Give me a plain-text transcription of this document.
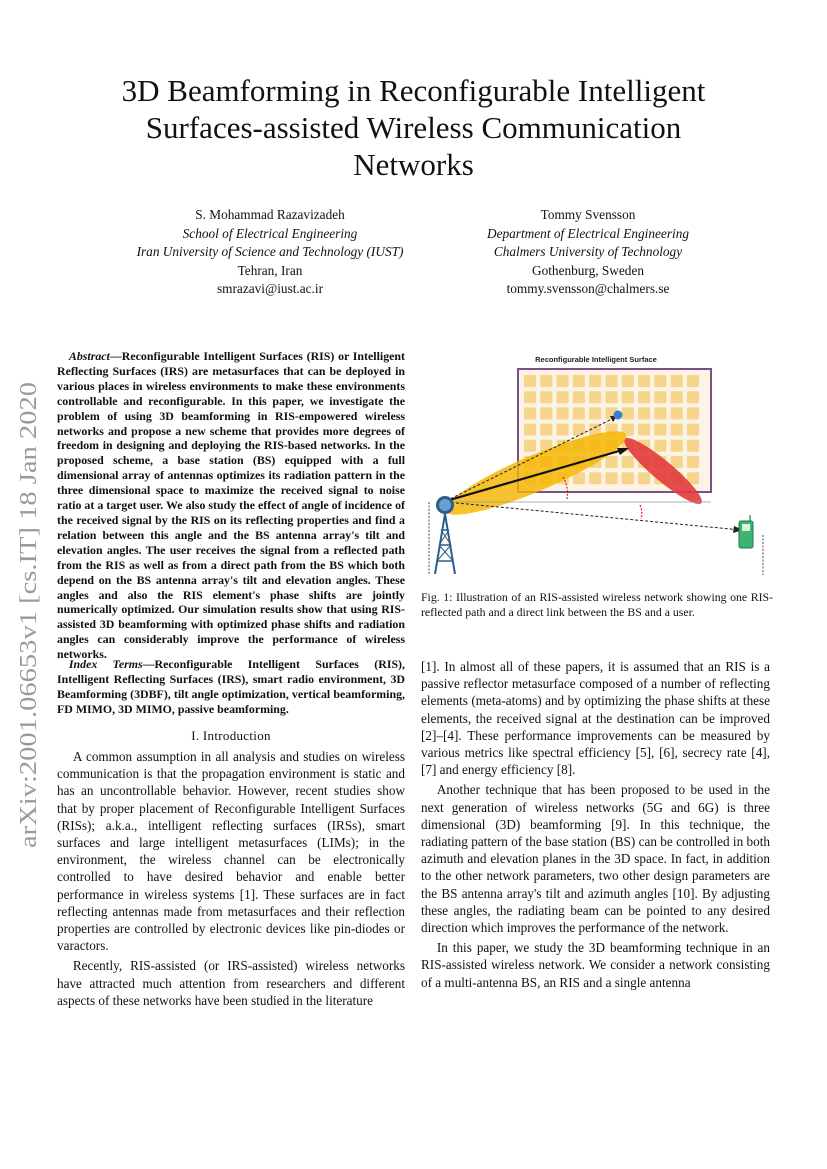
arXiv:2001.06653v1 [cs.IT] 18 Jan 2020
3D Beamforming in Reconfigurable Intelligent
Surfaces-assisted Wireless Communication
Networks
S. Mohammad Razavizadeh
School of Electrical Engineering
Iran University of Science and Technology (IUST)
Tehran, Iran
smrazavi@iust.ac.ir
Tommy Svensson
Department of Electrical Engineering
Chalmers University of Technology
Gothenburg, Sweden
tommy.svensson@chalmers.se
Abstract—Reconfigurable Intelligent Surfaces (RIS) or Intelligent Reflecting Surfaces (IRS) are metasurfaces that can be deployed in various places in wireless environments to make these environments controllable and reconfigurable. In this paper, we investigate the problem of using 3D beamforming in RIS-empowered wireless networks and propose a new scheme that provides more degrees of freedom in designing and deploying the RIS-based networks. In the proposed scheme, a base station (BS) equipped with a full dimensional array of antennas optimizes its radiation pattern in the three dimensional space to maximize the received signal to noise ratio at a target user. We also study the effect of angle of incidence of the received signal by the RIS on its reflecting properties and find a relation between this angle and the BS antenna array's tilt and elevation angles. The user receives the signal from a reflected path from the RIS as well as from a direct path from the BS which both depend on the BS antenna array's tilt and elevation angles. These angles and also the RIS element's phase shifts are jointly numerically optimized. Our simulation results show that using RIS-assisted 3D beamforming with optimized phase shifts and radiation angles can considerably improve the performance of wireless networks.
Index Terms—Reconfigurable Intelligent Surfaces (RIS), Intelligent Reflecting Surfaces (IRS), smart radio environment, 3D Beamforming (3DBF), tilt angle optimization, vertical beamforming, FD MIMO, 3D MIMO, passive beamforming.
I. Introduction

A common assumption in all analysis and studies on wireless communication is that the propagation environment is static and has an uncontrollable behavior. However, recent studies show that by proper placement of Reconfigurable Intelligent Surfaces (RISs); a.k.a., intelligent reflecting surfaces (IRSs), smart surfaces and large intelligent metasurfaces (LIMs); in the environment, the wireless channel can be electronically controlled to have desired behavior and enable better performance in wireless systems [1]. These surfaces are in fact reflecting antennas made from metasurfaces and their reflection properties are controlled by electronic devices like pin-diodes or varactors.

Recently, RIS-assisted (or IRS-assisted) wireless networks have attracted much attention from researchers and different aspects of these networks have been studied in the literature

Reconfigurable Intelligent Surface
Fig. 1: Illustration of an RIS-assisted wireless network showing one RIS-reflected path and a direct link between the BS and a user.

[1]. In almost all of these papers, it is assumed that an RIS is a passive reflector metasurface composed of a number of reflecting elements (meta-atoms) and by optimizing the phase shifts at these elements, the received signal at the destination can be improved [2]–[4]. These performance improvements can be measured by various metrics like spectral efficiency [5], [6], secrecy rate [4], [7] and energy efficiency [8].

Another technique that has been proposed to be used in the next generation of wireless networks (5G and 6G) is three dimensional (3D) beamforming [9]. In this technique, the radiating pattern of the base station (BS) can be controlled in both azimuth and elevation planes in the 3D space. In fact, in addition to the other network parameters, two other design parameters are the BS antenna array's tilt and azimuth angles [10]. By adjusting these angles, the radiating beam can be pointed to any desired direction which improves the performance of the network.

In this paper, we study the 3D beamforming technique in an RIS-assisted wireless network. We consider a network consisting of a multi-antenna BS, an RIS and a single antenna
